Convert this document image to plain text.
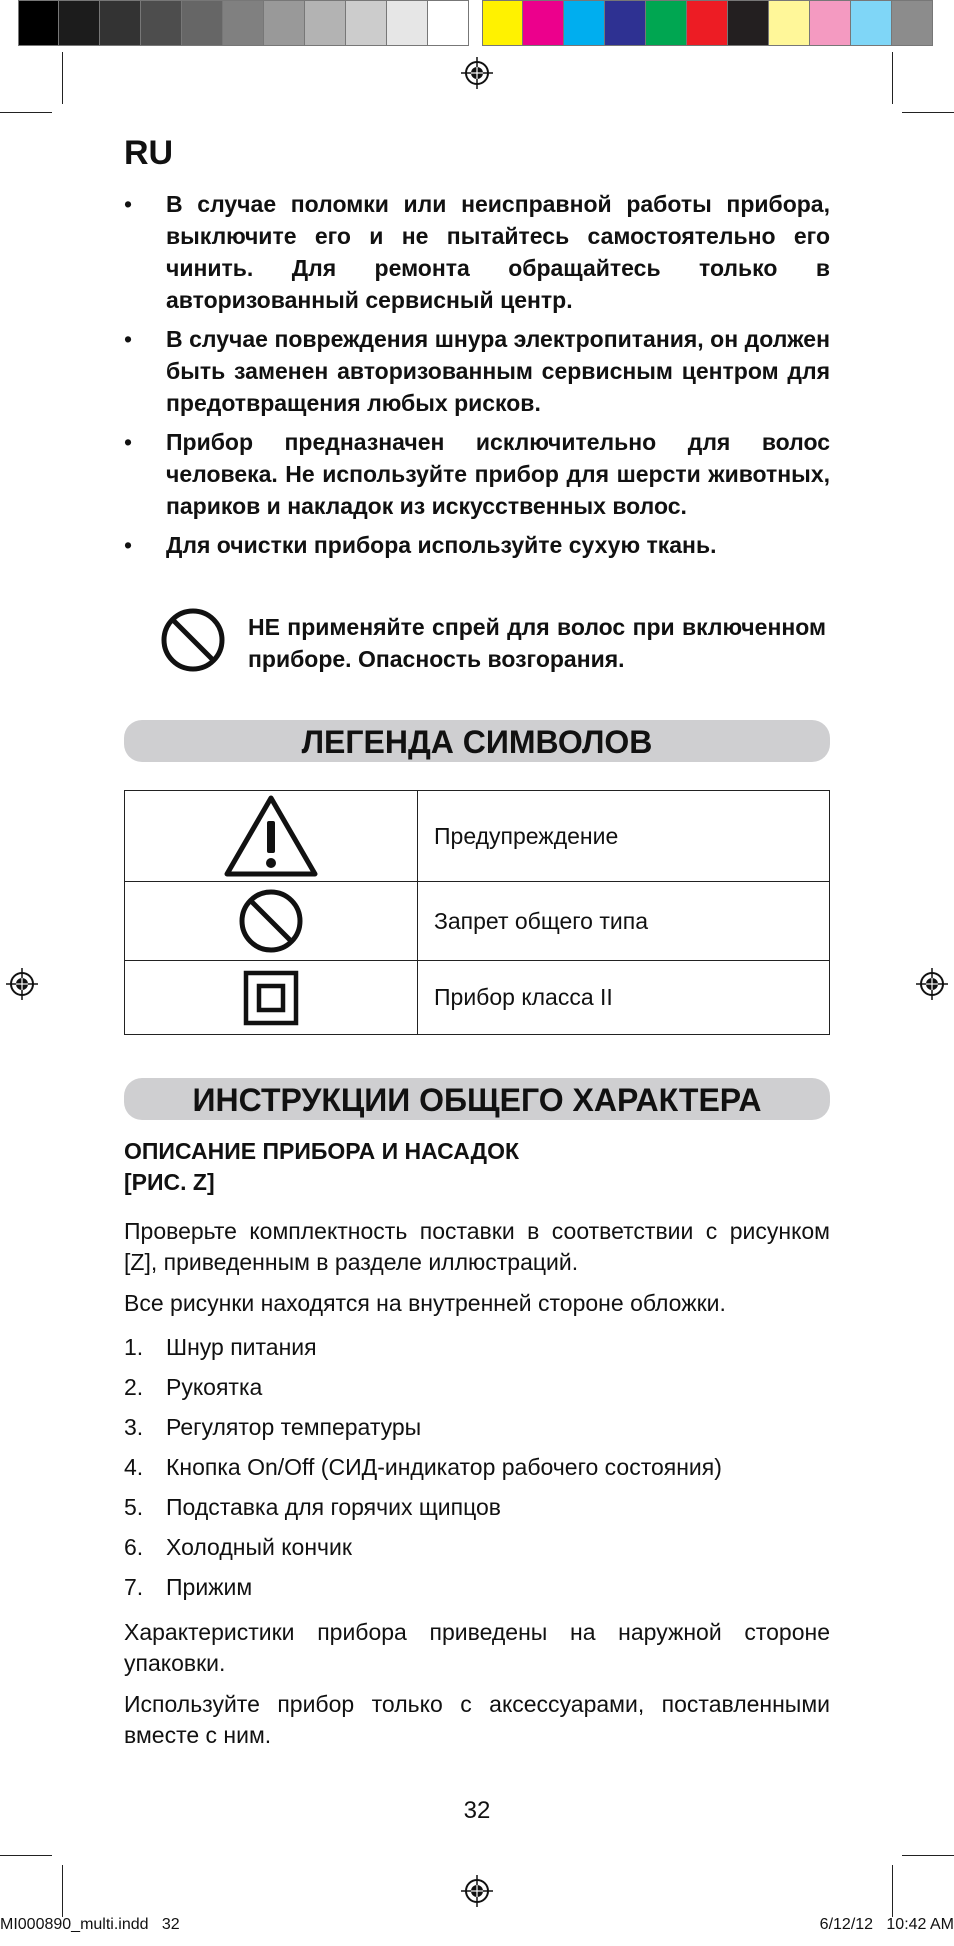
RU
• В случае поломки или неисправной работы прибора, выключите его и не пытайтесь самостоятельно его чинить. Для ремонта обращайтесь только в авторизованный сервисный центр.
• В случае повреждения шнура электропитания, он должен быть заменен авторизованным сервисным центром для предотвращения любых рисков.
• Прибор предназначен исключительно для волос человека. Не используйте прибор для шерсти животных, париков и накладок из искусственных волос.
• Для очистки прибора используйте сухую ткань.
НЕ применяйте спрей для волос при включенном приборе. Опасность возгорания.
ЛЕГЕНДА СИМВОЛОВ
	Предупреждение
	Запрет общего типа
	Прибор класса II
ИНСТРУКЦИИ ОБЩЕГО ХАРАКТЕРА
ОПИСАНИЕ ПРИБОРА И НАСАДОК
[РИС. Z]
Проверьте комплектность поставки в соответствии с рисунком [Z], приведенным в разделе иллюстраций.
Все рисунки находятся на внутренней стороне обложки.
1. Шнур питания
2. Рукоятка
3. Регулятор температуры
4. Кнопка On/Off (СИД-индикатор рабочего состояния)
5. Подставка для горячих щипцов
6. Холодный кончик
7. Прижим
Характеристики прибора приведены на наружной стороне упаковки.
Используйте прибор только с аксессуарами, поставленными вместе с ним.
32
MI000890_multi.indd   32	6/12/12   10:42 AM
